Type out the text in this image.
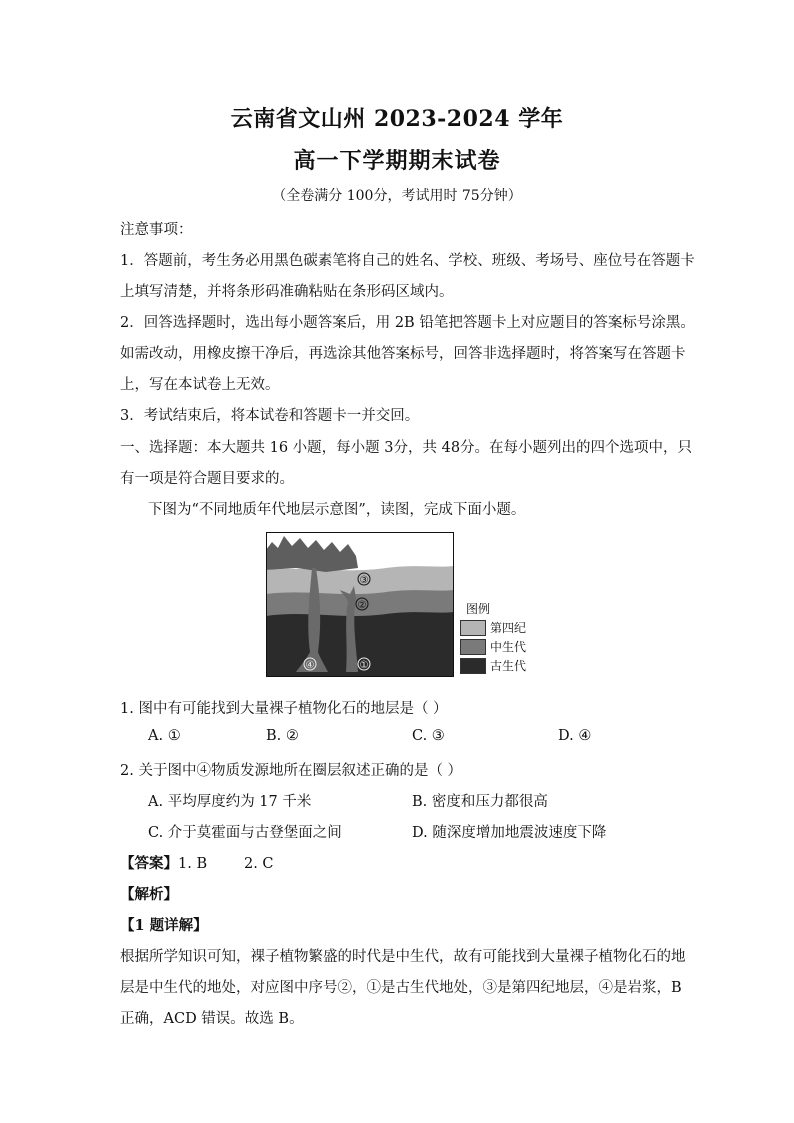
云南省文山州 2023-2024 学年
高一下学期期末试卷
（全卷满分 100分，考试用时 75分钟）
注意事项：
1．答题前，考生务必用黑色碳素笔将自己的姓名、学校、班级、考场号、座位号在答题卡
上填写清楚，并将条形码准确粘贴在条形码区域内。
2．回答选择题时，选出每小题答案后，用 2B 铅笔把答题卡上对应题目的答案标号涂黑。
如需改动，用橡皮擦干净后，再选涂其他答案标号，回答非选择题时，将答案写在答题卡
上，写在本试卷上无效。
3．考试结束后，将本试卷和答题卡一并交回。
一、选择题：本大题共 16 小题，每小题 3分，共 48分。在每小题列出的四个选项中，只
有一项是符合题目要求的。
下图为“不同地质年代地层示意图”，读图，完成下面小题。
③
②
④	①
图例
第四纪
中生代
古生代
1. 图中有可能找到大量裸子植物化石的地层是（ ）
A. ①	B. ②	C. ③	D. ④
2. 关于图中④物质发源地所在圈层叙述正确的是（ ）
A. 平均厚度约为 17 千米	B. 密度和压力都很高
C. 介于莫霍面与古登堡面之间	D. 随深度增加地震波速度下降
【答案】1. B        2. C
【解析】
【1 题详解】
根据所学知识可知，裸子植物繁盛的时代是中生代，故有可能找到大量裸子植物化石的地
层是中生代的地处，对应图中序号②，①是古生代地处，③是第四纪地层，④是岩浆，B
正确，ACD 错误。故选 B。
